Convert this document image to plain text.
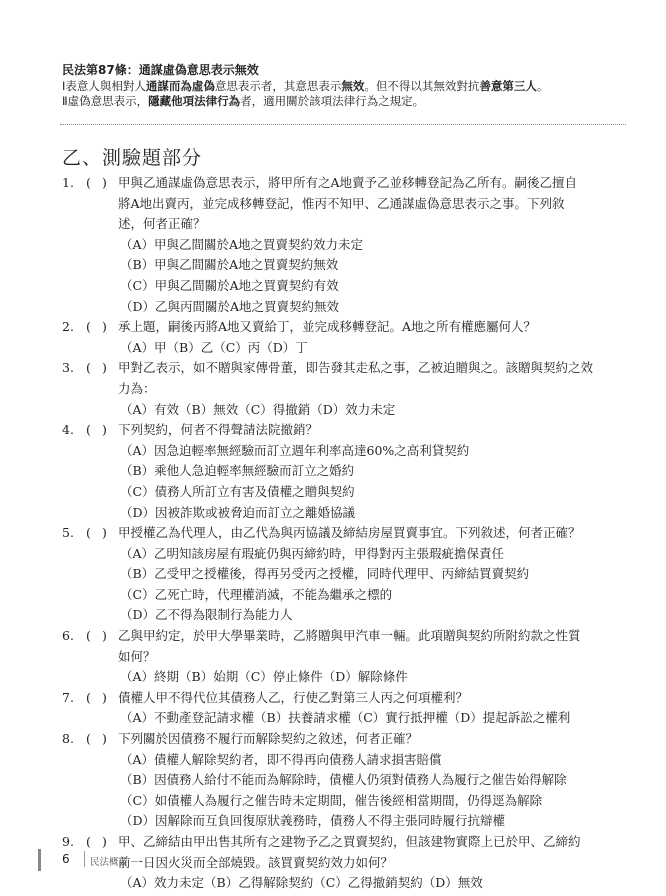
民法第87條：通謀虛偽意思表示無效
Ⅰ表意人與相對人通謀而為虛偽意思表示者，其意思表示無效。但不得以其無效對抗善意第三人。
Ⅱ虛偽意思表示，隱藏他項法律行為者，適用關於該項法律行為之規定。
乙、測驗題部分
1. ( ) 甲與乙通謀虛偽意思表示，將甲所有之A地賣予乙並移轉登記為乙所有。嗣後乙擅自
將A地出賣丙，並完成移轉登記，惟丙不知甲、乙通謀虛偽意思表示之事。下列敘
述，何者正確？
（A）甲與乙間關於A地之買賣契約效力未定
（B）甲與乙間關於A地之買賣契約無效
（C）甲與乙間關於A地之買賣契約有效
（D）乙與丙間關於A地之買賣契約無效
2. ( ) 承上題，嗣後丙將A地又賣給丁，並完成移轉登記。A地之所有權應屬何人？
（A）甲（B）乙（C）丙（D）丁
3. ( ) 甲對乙表示，如不贈與家傳骨董，即告發其走私之事，乙被迫贈與之。該贈與契約之效
力為：
（A）有效（B）無效（C）得撤銷（D）效力未定
4. ( ) 下列契約，何者不得聲請法院撤銷？
（A）因急迫輕率無經驗而訂立週年利率高達60%之高利貸契約
（B）乘他人急迫輕率無經驗而訂立之婚約
（C）債務人所訂立有害及債權之贈與契約
（D）因被詐欺或被脅迫而訂立之離婚協議
5. ( ) 甲授權乙為代理人，由乙代為與丙協議及締結房屋買賣事宜。下列敘述，何者正確？
（A）乙明知該房屋有瑕疵仍與丙締約時，甲得對丙主張瑕疵擔保責任
（B）乙受甲之授權後，得再另受丙之授權，同時代理甲、丙締結買賣契約
（C）乙死亡時，代理權消滅，不能為繼承之標的
（D）乙不得為限制行為能力人
6. ( ) 乙與甲約定，於甲大學畢業時，乙將贈與甲汽車一輛。此項贈與契約所附約款之性質
如何？
（A）終期（B）始期（C）停止條件（D）解除條件
7. ( ) 債權人甲不得代位其債務人乙，行使乙對第三人丙之何項權利？
（A）不動產登記請求權（B）扶養請求權（C）實行抵押權（D）提起訴訟之權利
8. ( ) 下列關於因債務不履行而解除契約之敘述，何者正確？
（A）債權人解除契約者，即不得再向債務人請求損害賠償
（B）因債務人給付不能而為解除時，債權人仍須對債務人為履行之催告始得解除
（C）如債權人為履行之催告時未定期間，催告後經相當期間，仍得逕為解除
（D）因解除而互負回復原狀義務時，債務人不得主張同時履行抗辯權
9. ( ) 甲、乙締結由甲出售其所有之建物予乙之買賣契約，但該建物實際上已於甲、乙締約
前一日因火災而全部燒毀。該買賣契約效力如何？
（A）效力未定（B）乙得解除契約（C）乙得撤銷契約（D）無效
6 民法概要
